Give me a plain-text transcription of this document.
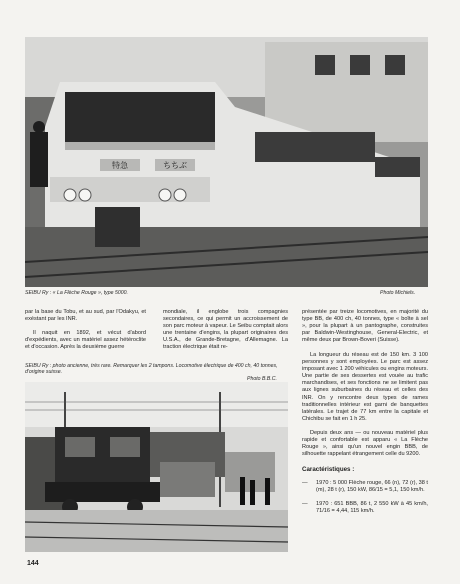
特急	ちちぶ
SEIBU Ry : « La Flèche Rouge », type 5000.	Photo Michiels.

par la base du Tobu, et au sud, par l'Odakyu, et exéstant par les INR.

Il naquit en 1892, et vécut d'abord d'expédients, avec un matériel assez hétéroclite et d'occasion. Après la deuxième guerre

mondiale, il englobe trois compagnies secondaires, ce qui permit un accroissement de son parc moteur à vapeur. Le Seibu comptait alors une trentaine d'engins, la plupart originaires des U.S.A., de Grande-Bretagne, d'Allemagne. La traction électrique était re-

présentée par treize locomotives, en majorité du type BB, de 400 ch, 40 tonnes, type « boîte à sel », pour la plupart à un pantographe, construites par Baldwin-Westinghouse, General-Electric, et même deux par Brown-Boveri (Suisse).

La longueur du réseau est de 150 km. 3 100 personnes y sont employées. Le parc est assez imposant avec 1 200 véhicules ou engins moteurs. Une partie de ses dessertes est vouée au trafic marchandises, et ses fonctions ne se limitent pas aux lignes suburbaines du réseau et celles des INR. On y rencontre deux types de rames traditionnelles intérieur est garni de banquettes latérales. Le trajet de 77 km entre la capitale et Chichibu se fait en 1 h 25.

Depuis deux ans — ou nouveau matériel plus rapide et confortable est apparu « La Flèche Rouge », ainsi qu'un nouvel engin BBB, de silhouette rappelant étrangement celle du 9200.

Caractéristiques :

— 1970 : 5 000 Flèche rouge, 66 (n), 72 (r), 38 t (m), 28 t (r), 150 kW, 86/15 = 5,1, 150 km/h.

— 1970 : 651 BBB, 86 t, 2 550 kW à 45 km/h, 71/16 = 4,44, 115 km/h.

SEIBU Ry : photo ancienne, très rare. Remarquer les 2 tampons. Locomotive électrique de 400 ch, 40 tonnes, d'origine suisse.
Photo B.B.C.
144
